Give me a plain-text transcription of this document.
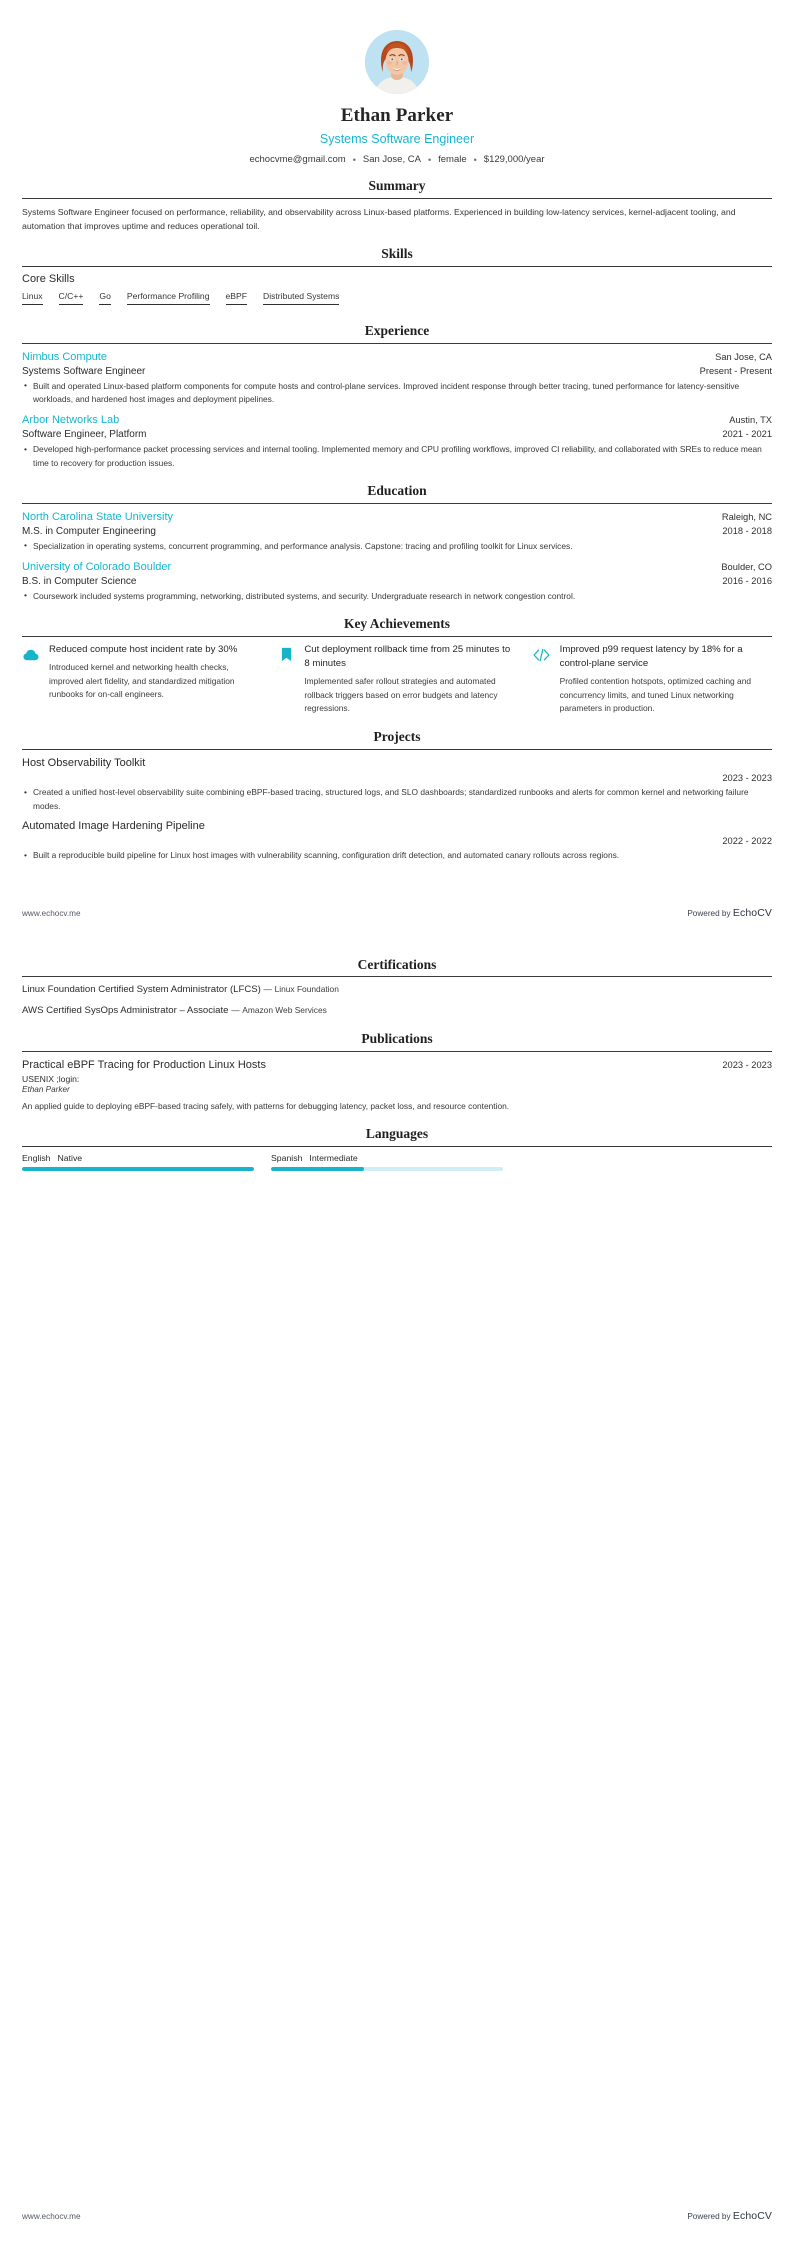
Ethan Parker
Systems Software Engineer
echocvme@gmail.com • San Jose, CA • female • $129,000/year
Summary
Systems Software Engineer focused on performance, reliability, and observability across Linux-based platforms. Experienced in building low-latency services, kernel-adjacent tooling, and automation that improves uptime and reduces operational toil.
Skills
Core Skills
Linux C/C++ Go Performance Profiling eBPF Distributed Systems
Experience
Nimbus Compute	San Jose, CA
Systems Software Engineer	Present - Present
• Built and operated Linux-based platform components for compute hosts and control-plane services. Improved incident response through better tracing, tuned performance for latency-sensitive workloads, and hardened host images and deployment pipelines.
Arbor Networks Lab	Austin, TX
Software Engineer, Platform	2021 - 2021
• Developed high-performance packet processing services and internal tooling. Implemented memory and CPU profiling workflows, improved CI reliability, and collaborated with SREs to reduce mean time to recovery for production issues.
Education
North Carolina State University	Raleigh, NC
M.S. in Computer Engineering	2018 - 2018
• Specialization in operating systems, concurrent programming, and performance analysis. Capstone: tracing and profiling toolkit for Linux services.
University of Colorado Boulder	Boulder, CO
B.S. in Computer Science	2016 - 2016
• Coursework included systems programming, networking, distributed systems, and security. Undergraduate research in network congestion control.
Key Achievements
Reduced compute host incident rate by 30%
Introduced kernel and networking health checks, improved alert fidelity, and standardized mitigation runbooks for on-call engineers.
Cut deployment rollback time from 25 minutes to 8 minutes
Implemented safer rollout strategies and automated rollback triggers based on error budgets and latency regressions.
Improved p99 request latency by 18% for a control-plane service
Profiled contention hotspots, optimized caching and concurrency limits, and tuned Linux networking parameters in production.
Projects
Host Observability Toolkit
2023 - 2023
• Created a unified host-level observability suite combining eBPF-based tracing, structured logs, and SLO dashboards; standardized runbooks and alerts for common kernel and networking failure modes.
Automated Image Hardening Pipeline
2022 - 2022
• Built a reproducible build pipeline for Linux host images with vulnerability scanning, configuration drift detection, and automated canary rollouts across regions.
www.echocv.me	Powered by EchoCV
Certifications
Linux Foundation Certified System Administrator (LFCS) — Linux Foundation
AWS Certified SysOps Administrator – Associate — Amazon Web Services
Publications
Practical eBPF Tracing for Production Linux Hosts	2023 - 2023
USENIX ;login:
Ethan Parker
An applied guide to deploying eBPF-based tracing safely, with patterns for debugging latency, packet loss, and resource contention.
Languages
English Native	Spanish Intermediate
www.echocv.me	Powered by EchoCV
